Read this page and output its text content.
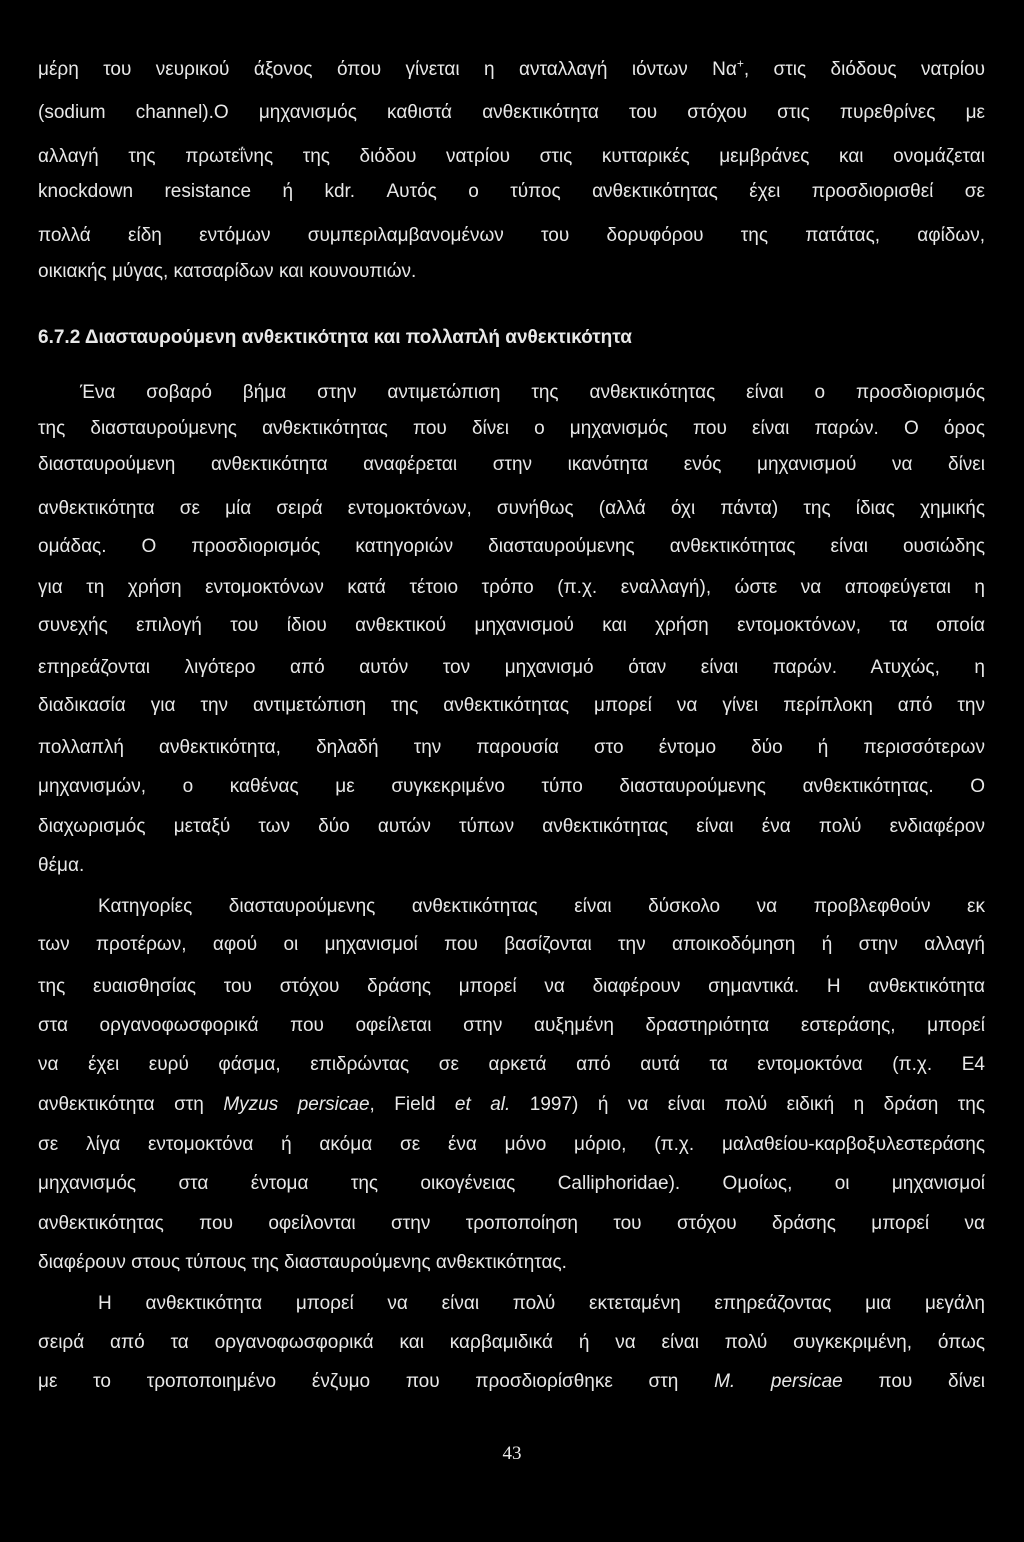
μέρη του νευρικού άξονος όπου γίνεται η ανταλλαγή ιόντων Να+, στις διόδους νατρίου
(sodium channel).Ο μηχανισμός καθιστά ανθεκτικότητα του στόχου στις πυρεθρίνες με
αλλαγή της πρωτεΐνης της διόδου νατρίου στις κυτταρικές μεμβράνες και ονομάζεται
knockdown resistance ή kdr. Αυτός ο τύπος ανθεκτικότητας έχει προσδιορισθεί σε
πολλά είδη εντόμων συμπεριλαμβανομένων του δορυφόρου της πατάτας, αφίδων,
οικιακής μύγας, κατσαρίδων και κουνουπιών.
6.7.2 Διασταυρούμενη ανθεκτικότητα και πολλαπλή ανθεκτικότητα
Ένα σοβαρό βήμα στην αντιμετώπιση της ανθεκτικότητας είναι ο προσδιορισμός
της διασταυρούμενης ανθεκτικότητας που δίνει ο μηχανισμός που είναι παρών. Ο όρος
διασταυρούμενη ανθεκτικότητα αναφέρεται στην ικανότητα ενός μηχανισμού να δίνει
ανθεκτικότητα σε μία σειρά εντομοκτόνων, συνήθως (αλλά όχι πάντα) της ίδιας χημικής
ομάδας. Ο προσδιορισμός κατηγοριών διασταυρούμενης ανθεκτικότητας είναι ουσιώδης
για τη χρήση εντομοκτόνων κατά τέτοιο τρόπο (π.χ. εναλλαγή), ώστε να αποφεύγεται η
συνεχής επιλογή του ίδιου ανθεκτικού μηχανισμού και χρήση εντομοκτόνων, τα οποία
επηρεάζονται λιγότερο από αυτόν τον μηχανισμό όταν είναι παρών. Ατυχώς, η
διαδικασία για την αντιμετώπιση της ανθεκτικότητας μπορεί να γίνει περίπλοκη από την
πολλαπλή ανθεκτικότητα, δηλαδή την παρουσία στο έντομο δύο ή περισσότερων
μηχανισμών, ο καθένας με συγκεκριμένο τύπο διασταυρούμενης ανθεκτικότητας. Ο
διαχωρισμός μεταξύ των δύο αυτών τύπων ανθεκτικότητας είναι ένα πολύ ενδιαφέρον
θέμα.
Κατηγορίες διασταυρούμενης ανθεκτικότητας είναι δύσκολο να προβλεφθούν εκ
των προτέρων, αφού οι μηχανισμοί που βασίζονται την αποικοδόμηση ή στην αλλαγή
της ευαισθησίας του στόχου δράσης μπορεί να διαφέρουν σημαντικά. Η ανθεκτικότητα
στα οργανοφωσφορικά που οφείλεται στην αυξημένη δραστηριότητα εστεράσης, μπορεί
να έχει ευρύ φάσμα, επιδρώντας σε αρκετά από αυτά τα εντομοκτόνα (π.χ. Ε4
ανθεκτικότητα στη Myzus persicae, Field et al. 1997) ή να είναι πολύ ειδική η δράση της
σε λίγα εντομοκτόνα ή ακόμα σε ένα μόνο μόριο, (π.χ. μαλαθείου-καρβοξυλεστεράσης
μηχανισμός στα έντομα της οικογένειας Calliphoridae). Ομοίως, οι μηχανισμοί
ανθεκτικότητας που οφείλονται στην τροποποίηση του στόχου δράσης μπορεί να
διαφέρουν στους τύπους της διασταυρούμενης ανθεκτικότητας.
Η ανθεκτικότητα μπορεί να είναι πολύ εκτεταμένη επηρεάζοντας μια μεγάλη
σειρά από τα οργανοφωσφορικά και καρβαμιδικά ή να είναι πολύ συγκεκριμένη, όπως
με το τροποποιημένο ένζυμο που προσδιορίσθηκε στη M. persicae που δίνει
43
